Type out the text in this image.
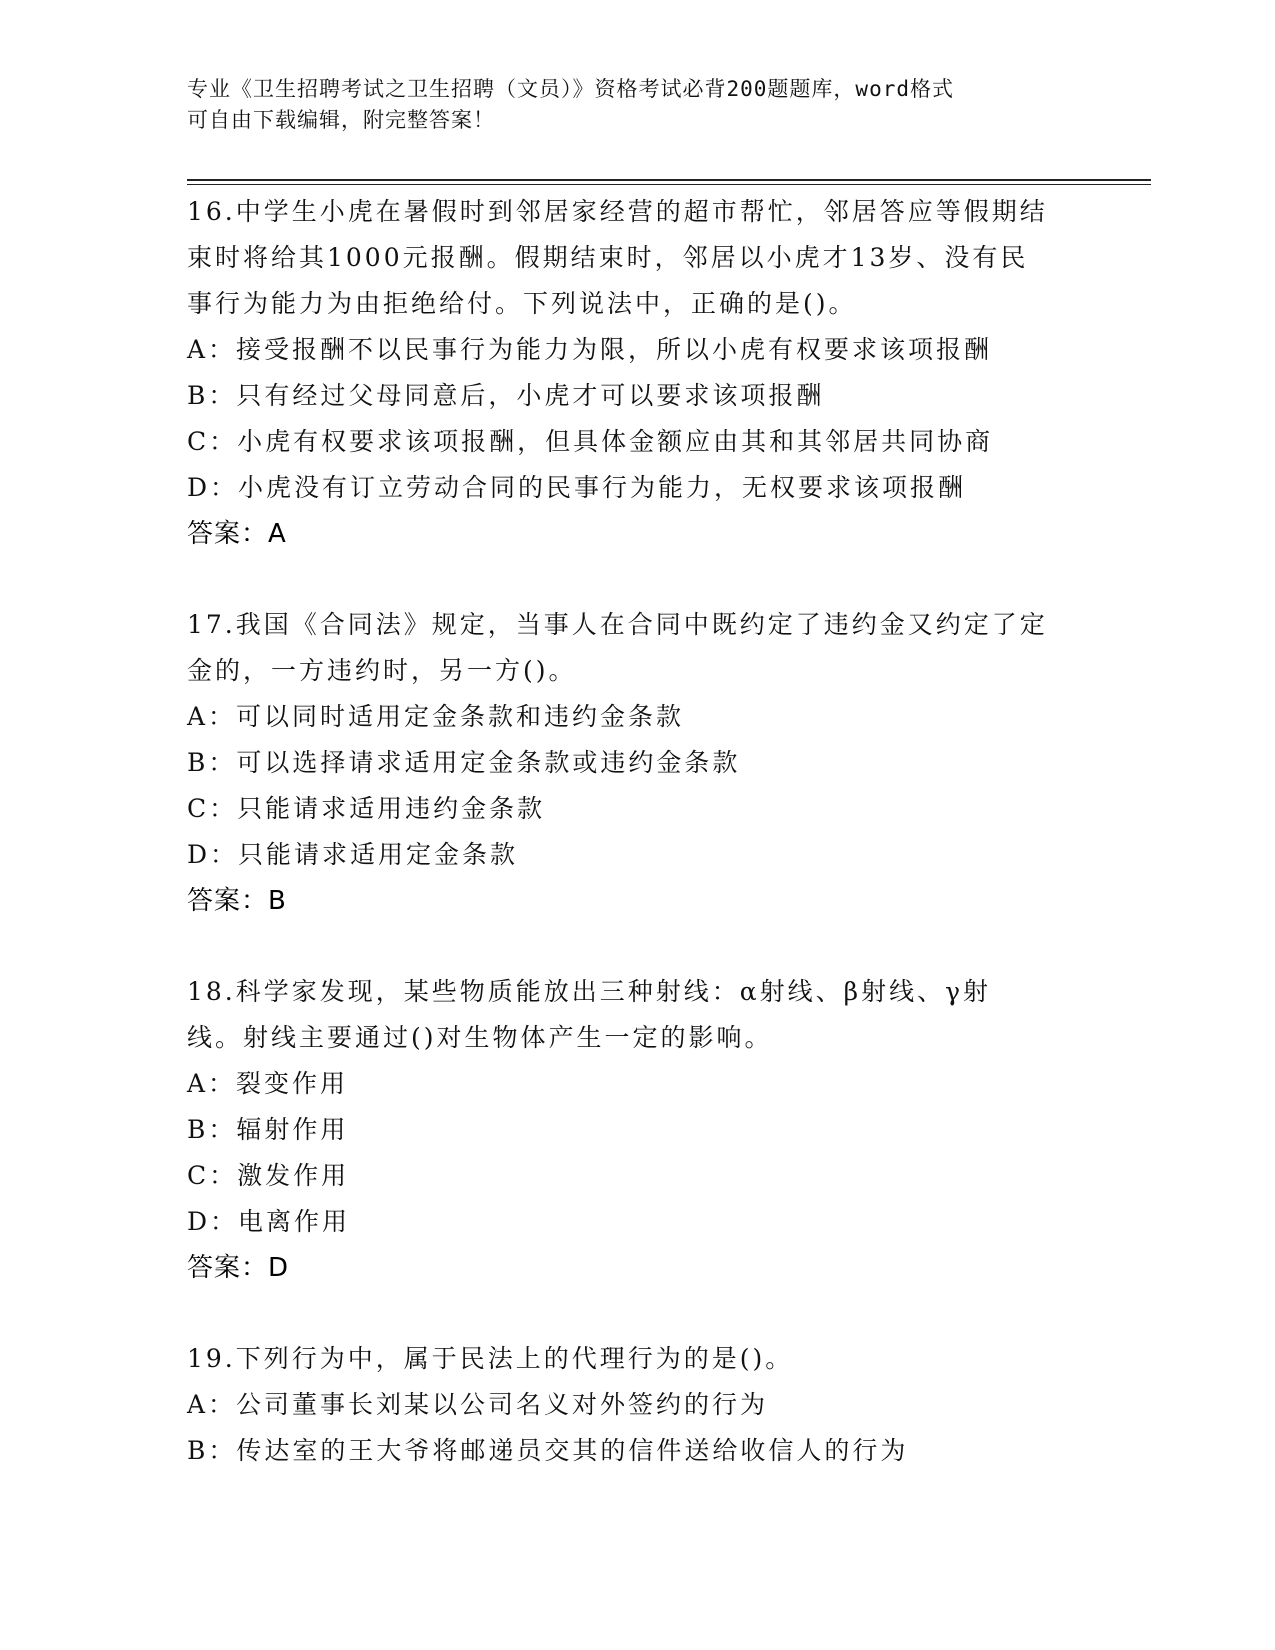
专业《卫生招聘考试之卫生招聘（文员）》资格考试必背200题题库，word格式
可自由下载编辑，附完整答案！
16.中学生小虎在暑假时到邻居家经营的超市帮忙，邻居答应等假期结
束时将给其1000元报酬。假期结束时，邻居以小虎才13岁、没有民
事行为能力为由拒绝给付。下列说法中，正确的是()。
A：接受报酬不以民事行为能力为限，所以小虎有权要求该项报酬
B：只有经过父母同意后，小虎才可以要求该项报酬
C：小虎有权要求该项报酬，但具体金额应由其和其邻居共同协商
D：小虎没有订立劳动合同的民事行为能力，无权要求该项报酬
答案：A
17.我国《合同法》规定，当事人在合同中既约定了违约金又约定了定
金的，一方违约时，另一方()。
A：可以同时适用定金条款和违约金条款
B：可以选择请求适用定金条款或违约金条款
C：只能请求适用违约金条款
D：只能请求适用定金条款
答案：B
18.科学家发现，某些物质能放出三种射线：α射线、β射线、γ射
线。射线主要通过()对生物体产生一定的影响。
A：裂变作用
B：辐射作用
C：激发作用
D：电离作用
答案：D
19.下列行为中，属于民法上的代理行为的是()。
A：公司董事长刘某以公司名义对外签约的行为
B：传达室的王大爷将邮递员交其的信件送给收信人的行为
